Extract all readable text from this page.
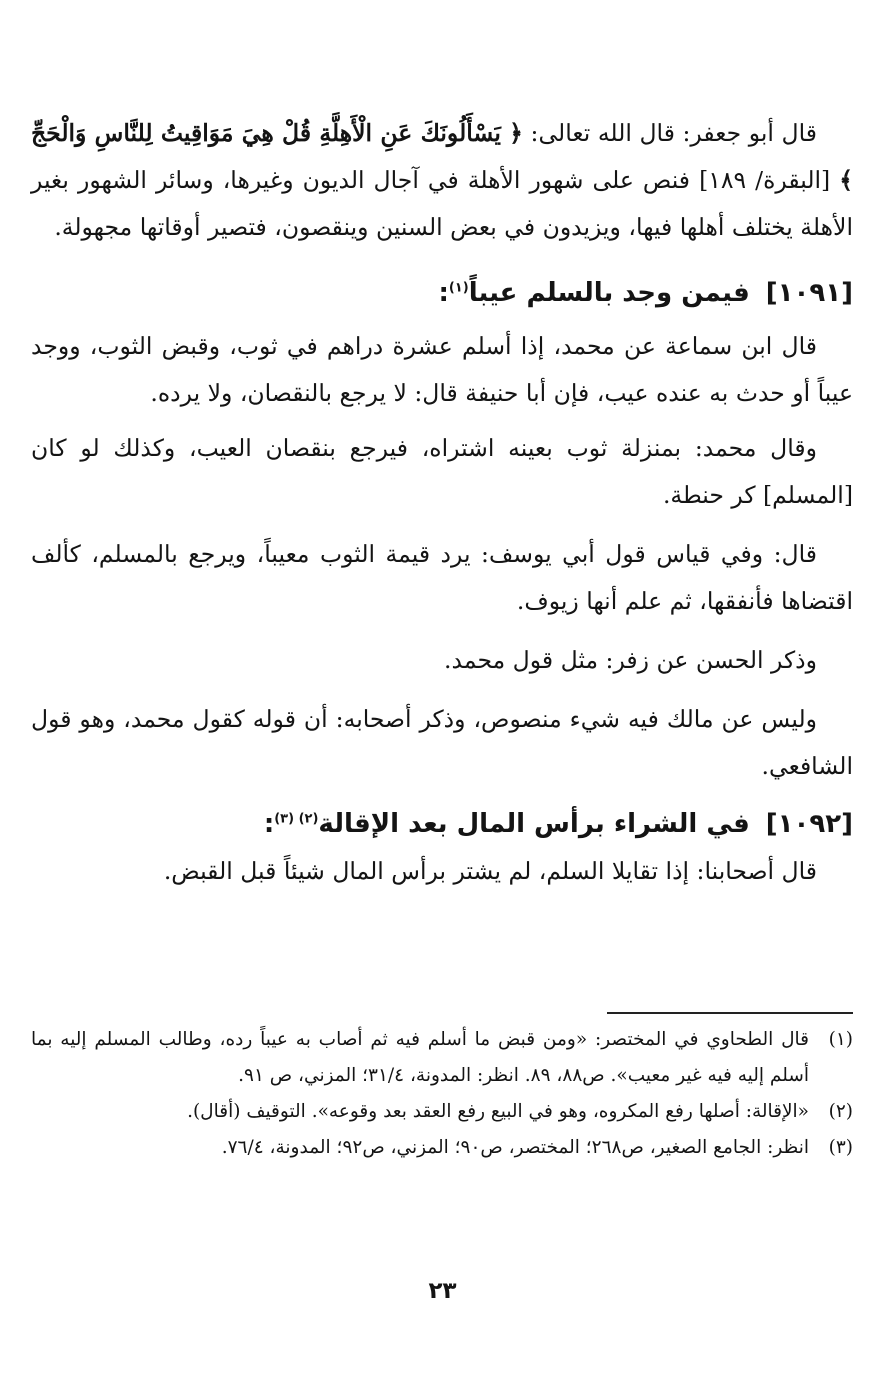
قال أبو جعفر: قال الله تعالى: ﴿ يَسْأَلُونَكَ عَنِ الْأَهِلَّةِ قُلْ هِيَ مَوَاقِيتُ لِلنَّاسِ وَالْحَجِّ ﴾ [البقرة/ ١٨٩] فنص على شهور الأهلة في آجال الديون وغيرها، وسائر الشهور بغير الأهلة يختلف أهلها فيها، ويزيدون في بعض السنين وينقصون، فتصير أوقاتها مجهولة.

[١٠٩١]فيمن وجد بالسلم عيباً$^{(١)}$:

قال ابن سماعة عن محمد، إذا أسلم عشرة دراهم في ثوب، وقبض الثوب، ووجد عيباً أو حدث به عنده عيب، فإن أبا حنيفة قال: لا يرجع بالنقصان، ولا يرده.

وقال محمد: بمنزلة ثوب بعينه اشتراه، فيرجع بنقصان العيب، وكذلك لو كان [المسلم] كر حنطة.

قال: وفي قياس قول أبي يوسف: يرد قيمة الثوب معيباً، ويرجع بالمسلم، كألف اقتضاها فأنفقها، ثم علم أنها زيوف.

وذكر الحسن عن زفر: مثل قول محمد.

وليس عن مالك فيه شيء منصوص، وذكر أصحابه: أن قوله كقول محمد، وهو قول الشافعي.

[١٠٩٢]في الشراء برأس المال بعد الإقالة$^{(٢) (٣)}$:

قال أصحابنا: إذا تقايلا السلم، لم يشتر برأس المال شيئاً قبل القبض.

(١)
قال الطحاوي في المختصر: «ومن قبض ما أسلم فيه ثم أصاب به عيباً رده، وطالب المسلم إليه بما أسلم إليه فيه غير معيب». ص٨٨، ٨٩. انظر: المدونة، ٣١/٤؛ المزني، ص ٩١.
(٢)
«الإقالة: أصلها رفع المكروه، وهو في البيع رفع العقد بعد وقوعه». التوقيف (أقال).
(٣)
انظر: الجامع الصغير، ص٢٦٨؛ المختصر، ص٩٠؛ المزني، ص٩٢؛ المدونة، ٧٦/٤.
٢٣
